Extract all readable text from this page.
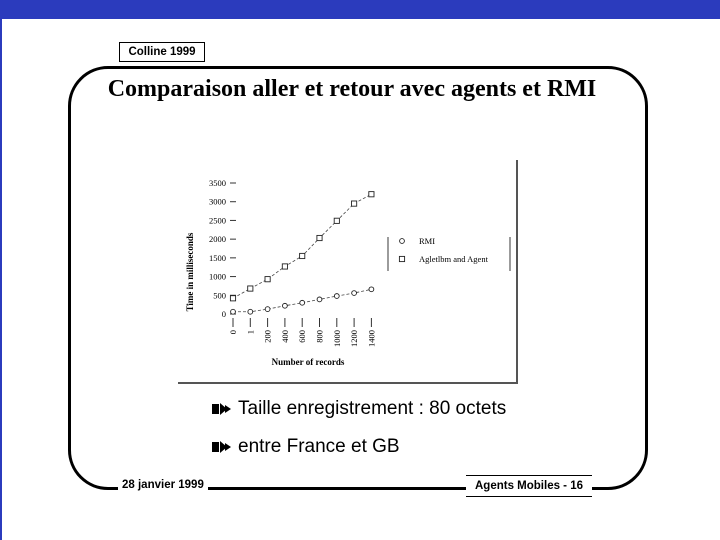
Colline 1999
Comparaison aller et retour avec agents et RMI
0
500
1000
1500
2000
2500
3000
3500
0 1 200 400 600 800 1000 1200 1400
RMI
Agletlbm and Agent
Time in milliseconds
Number of records
Taille enregistrement : 80 octets
entre France et GB
28 janvier 1999	Agents Mobiles - 16
